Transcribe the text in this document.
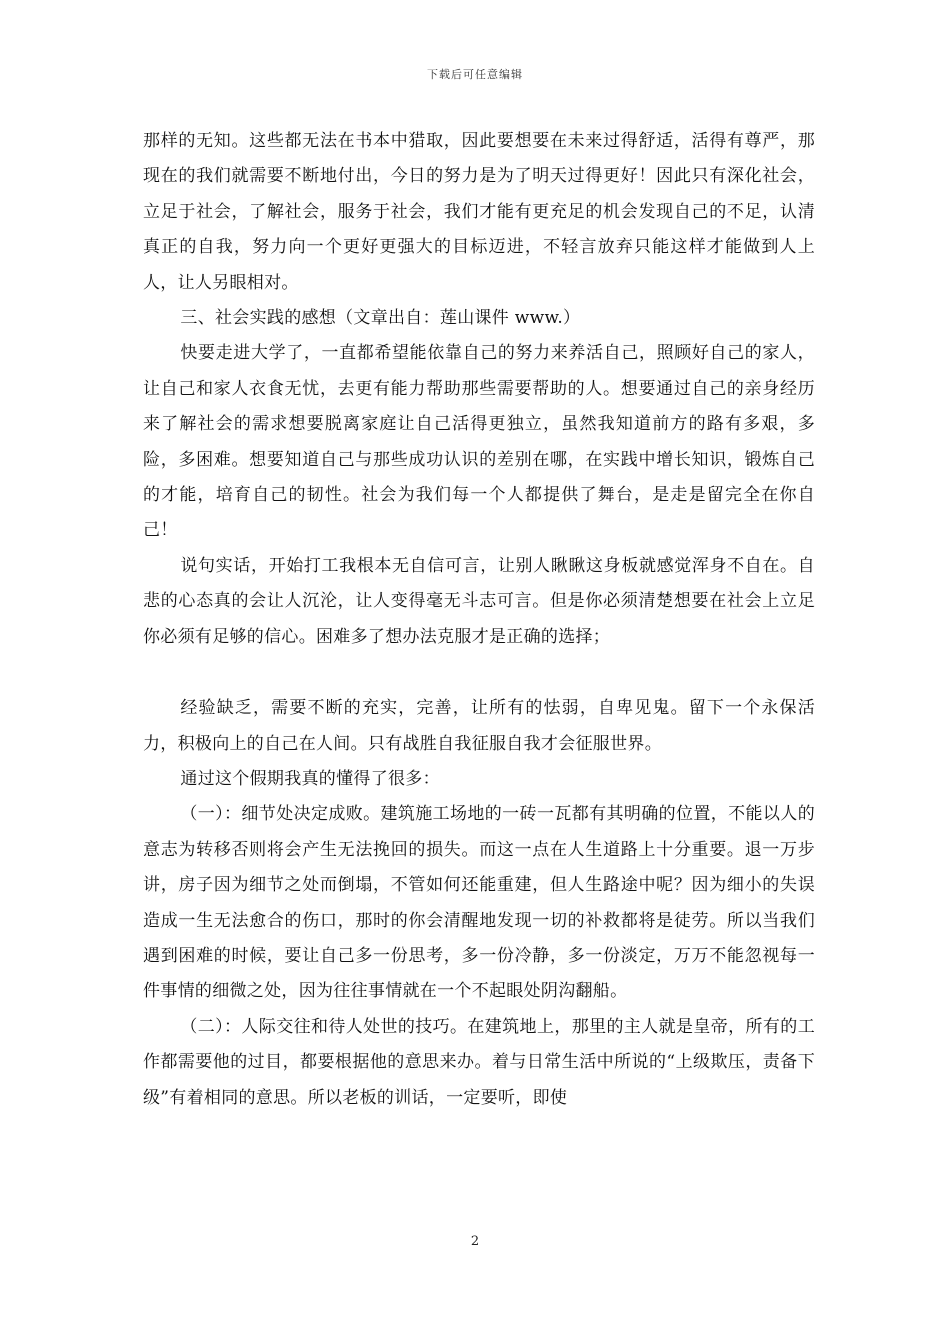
下载后可任意编辑

那样的无知。这些都无法在书本中猎取，因此要想要在未来过得舒适，活得有尊严，那现在的我们就需要不断地付出，今日的努力是为了明天过得更好！因此只有深化社会，立足于社会，了解社会，服务于社会，我们才能有更充足的机会发现自己的不足，认清真正的自我，努力向一个更好更强大的目标迈进，不轻言放弃只能这样才能做到人上人，让人另眼相对。

三、社会实践的感想（文章出自：莲山课件 www.）

快要走进大学了，一直都希望能依靠自己的努力来养活自己，照顾好自己的家人，让自己和家人衣食无忧，去更有能力帮助那些需要帮助的人。想要通过自己的亲身经历来了解社会的需求想要脱离家庭让自己活得更独立，虽然我知道前方的路有多艰，多险，多困难。想要知道自己与那些成功认识的差别在哪，在实践中增长知识，锻炼自己的才能，培育自己的韧性。社会为我们每一个人都提供了舞台，是走是留完全在你自己！

说句实话，开始打工我根本无自信可言，让别人瞅瞅这身板就感觉浑身不自在。自悲的心态真的会让人沉沦，让人变得毫无斗志可言。但是你必须清楚想要在社会上立足你必须有足够的信心。困难多了想办法克服才是正确的选择；

经验缺乏，需要不断的充实，完善，让所有的怯弱，自卑见鬼。留下一个永保活力，积极向上的自己在人间。只有战胜自我征服自我才会征服世界。

通过这个假期我真的懂得了很多：

（一）：细节处决定成败。建筑施工场地的一砖一瓦都有其明确的位置，不能以人的意志为转移否则将会产生无法挽回的损失。而这一点在人生道路上十分重要。退一万步讲，房子因为细节之处而倒塌，不管如何还能重建，但人生路途中呢？因为细小的失误造成一生无法愈合的伤口，那时的你会清醒地发现一切的补救都将是徒劳。所以当我们遇到困难的时候，要让自己多一份思考，多一份冷静，多一份淡定，万万不能忽视每一件事情的细微之处，因为往往事情就在一个不起眼处阴沟翻船。

（二）：人际交往和待人处世的技巧。在建筑地上，那里的主人就是皇帝，所有的工作都需要他的过目，都要根据他的意思来办。着与日常生活中所说的“上级欺压，责备下级”有着相同的意思。所以老板的训话，一定要听，即使

2
